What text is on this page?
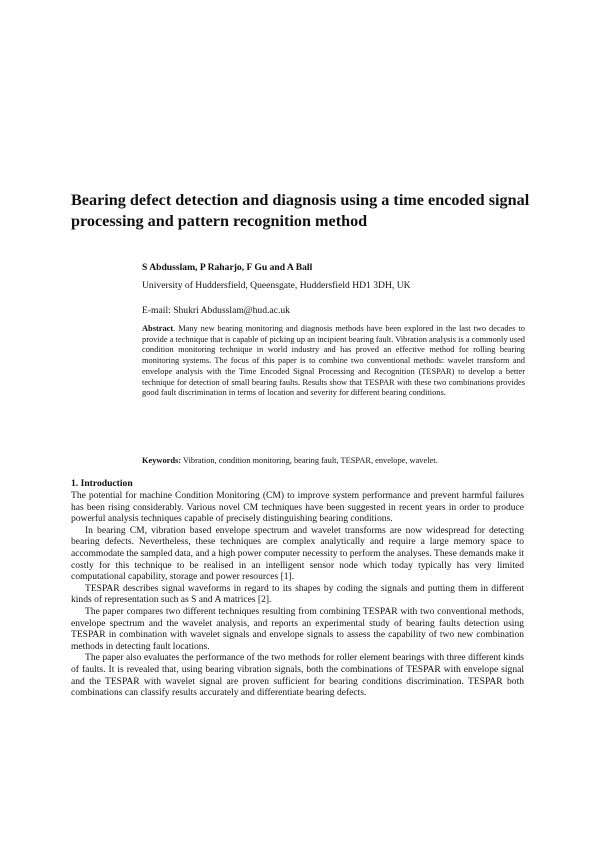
Bearing defect detection and diagnosis using a time encoded signal processing and pattern recognition method
S Abdusslam, P Raharjo, F Gu and A Ball
University of Huddersfield, Queensgate, Huddersfield HD1 3DH, UK
E-mail: Shukri Abdusslam@hud.ac.uk

Abstract. Many new bearing monitoring and diagnosis methods have been explored in the last two decades to provide a technique that is capable of picking up an incipient bearing fault. Vibration analysis is a commonly used condition monitoring technique in world industry and has proved an effective method for rolling bearing monitoring systems. The focus of this paper is to combine two conventional methods: wavelet transform and envelope analysis with the Time Encoded Signal Processing and Recognition (TESPAR) to develop a better technique for detection of small bearing faults. Results show that TESPAR with these two combinations provides good fault discrimination in terms of location and severity for different bearing conditions.

Keywords: Vibration, condition monitoring, bearing fault, TESPAR, envelope, wavelet.
1. Introduction

The potential for machine Condition Monitoring (CM) to improve system performance and prevent harmful failures has been rising considerably. Various novel CM techniques have been suggested in recent years in order to produce powerful analysis techniques capable of precisely distinguishing bearing conditions.

In bearing CM, vibration based envelope spectrum and wavelet transforms are now widespread for detecting bearing defects. Nevertheless, these techniques are complex analytically and require a large memory space to accommodate the sampled data, and a high power computer necessity to perform the analyses. These demands make it costly for this technique to be realised in an intelligent sensor node which today typically has very limited computational capability, storage and power resources [1].

TESPAR describes signal waveforms in regard to its shapes by coding the signals and putting them in different kinds of representation such as S and A matrices [2].

The paper compares two different techniques resulting from combining TESPAR with two conventional methods, envelope spectrum and the wavelet analysis, and reports an experimental study of bearing faults detection using TESPAR in combination with wavelet signals and envelope signals to assess the capability of two new combination methods in detecting fault locations.

The paper also evaluates the performance of the two methods for roller element bearings with three different kinds of faults. It is revealed that, using bearing vibration signals, both the combinations of TESPAR with envelope signal and the TESPAR with wavelet signal are proven sufficient for bearing conditions discrimination. TESPAR both combinations can classify results accurately and differentiate bearing defects.
